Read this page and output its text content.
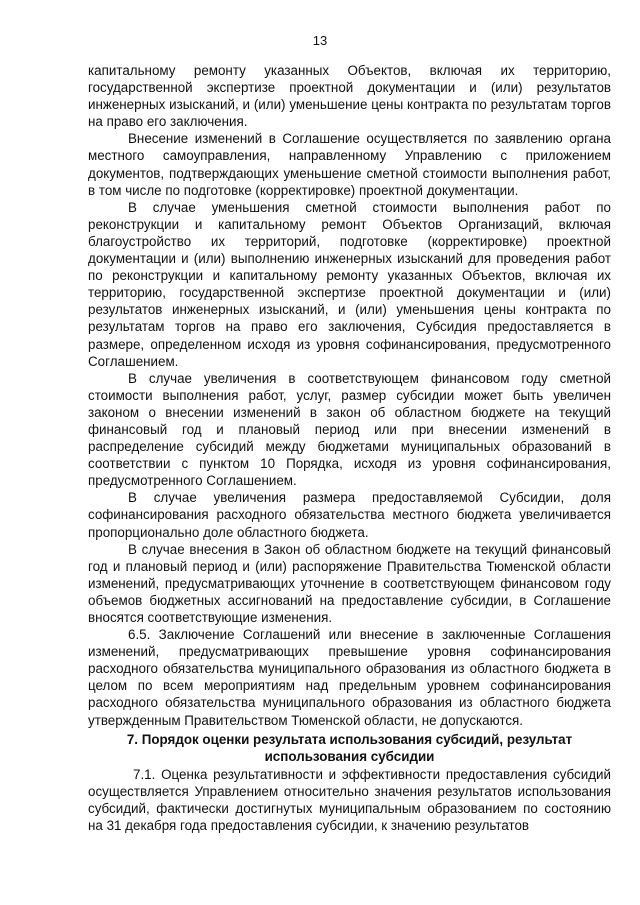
13

капитальному ремонту указанных Объектов, включая их территорию, государственной экспертизе проектной документации и (или) результатов инженерных изысканий, и (или) уменьшение цены контракта по результатам торгов на право его заключения.

Внесение изменений в Соглашение осуществляется по заявлению органа местного самоуправления, направленному Управлению с приложением документов, подтверждающих уменьшение сметной стоимости выполнения работ, в том числе по подготовке (корректировке) проектной документации.

В случае уменьшения сметной стоимости выполнения работ по реконструкции и капитальному ремонт Объектов Организаций, включая благоустройство их территорий, подготовке (корректировке) проектной документации и (или) выполнению инженерных изысканий для проведения работ по реконструкции и капитальному ремонту указанных Объектов, включая их территорию, государственной экспертизе проектной документации и (или) результатов инженерных изысканий, и (или) уменьшения цены контракта по результатам торгов на право его заключения, Субсидия предоставляется в размере, определенном исходя из уровня софинансирования, предусмотренного Соглашением.

В случае увеличения в соответствующем финансовом году сметной стоимости выполнения работ, услуг, размер субсидии может быть увеличен законом о внесении изменений в закон об областном бюджете на текущий финансовый год и плановый период или при внесении изменений в распределение субсидий между бюджетами муниципальных образований в соответствии с пунктом 10 Порядка, исходя из уровня софинансирования, предусмотренного Соглашением.

В случае увеличения размера предоставляемой Субсидии, доля софинансирования расходного обязательства местного бюджета увеличивается пропорционально доле областного бюджета.

В случае внесения в Закон об областном бюджете на текущий финансовый год и плановый период и (или) распоряжение Правительства Тюменской области изменений, предусматривающих уточнение в соответствующем финансовом году объемов бюджетных ассигнований на предоставление субсидии, в Соглашение вносятся соответствующие изменения.

6.5. Заключение Соглашений или внесение в заключенные Соглашения изменений, предусматривающих превышение уровня софинансирования расходного обязательства муниципального образования из областного бюджета в целом по всем мероприятиям над предельным уровнем софинансирования расходного обязательства муниципального образования из областного бюджета утвержденным Правительством Тюменской области, не допускаются.

7. Порядок оценки результата использования субсидий, результат использования субсидии

7.1. Оценка результативности и эффективности предоставления субсидий осуществляется Управлением относительно значения результатов использования субсидий, фактически достигнутых муниципальным образованием по состоянию на 31 декабря года предоставления субсидии, к значению результатов
